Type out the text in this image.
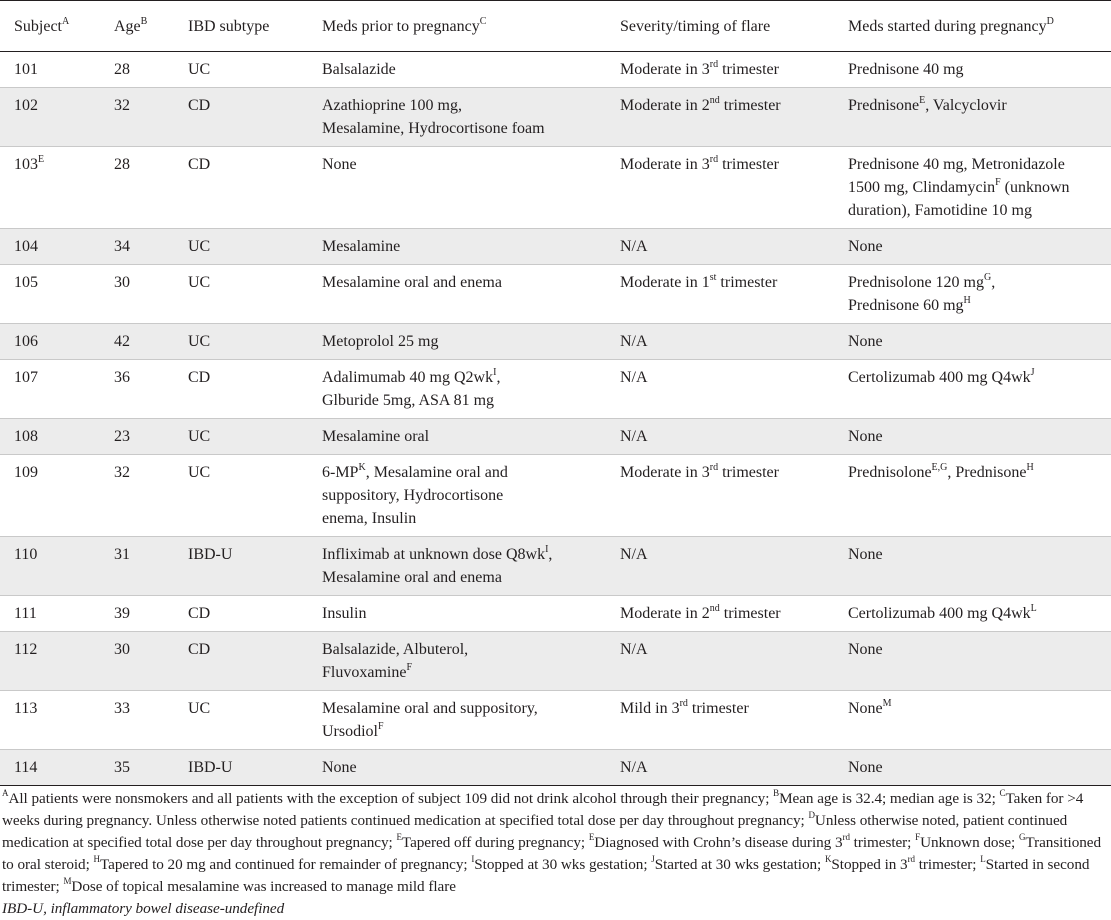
Subject$^A$	Age$^B$	IBD subtype	Meds prior to pregnancy$^C$	Severity/timing of flare	Meds started during pregnancy$^D$
101	28	UC	Balsalazide	Moderate in 3rd trimester	Prednisone 40 mg
102	32	CD	Azathioprine 100 mg,
Mesalamine, Hydrocortisone foam	Moderate in 2nd trimester	Prednisone$^E$, Valcyclovir
$103^E$	28	CD	None	Moderate in 3rd trimester	Prednisone 40 mg, Metronidazole
1500 mg, Clindamycin$^F$ (unknown
duration), Famotidine 10 mg
104	34	UC	Mesalamine	N/A	None
105	30	UC	Mesalamine oral and enema	Moderate in 1st trimester	Prednisolone 120 $mg^G$,
Prednisone 60 $mg^H$
106	42	UC	Metoprolol 25 mg	N/A	None
107	36	CD	Adalimumab 40 mg $Q2wk^I$,
Glburide 5mg, ASA 81 mg	N/A	Certolizumab 400 mg $Q4wk^J$
108	23	UC	Mesalamine oral	N/A	None
109	32	UC	$6-MP^K$, Mesalamine oral and
suppository, Hydrocortisone
enema, Insulin	Moderate in 3rd trimester	Prednisolone$^{E,G}$, Prednisone$^H$
110	31	IBD-U	Infliximab at unknown dose $Q8wk^I$,
Mesalamine oral and enema	N/A	None
111	39	CD	Insulin	Moderate in 2nd trimester	Certolizumab 400 mg $Q4wk^L$
112	30	CD	Balsalazide, Albuterol,
Fluvoxamine$^F$	N/A	None
113	33	UC	Mesalamine oral and suppository,
Ursodiol$^F$	Mild in 3rd trimester	None$^M$
114	35	IBD-U	None	N/A	None
$^A$All patients were nonsmokers and all patients with the exception of subject 109 did not drink alcohol through their pregnancy; $^B$Mean age is 32.4; median age is 32; $^C$Taken for >4 weeks during pregnancy. Unless otherwise noted patients continued medication at specified total dose per day throughout pregnancy; $^D$Unless otherwise noted, patient continued medication at specified total dose per day throughout pregnancy; $^E$Tapered off during pregnancy; $^E$Diagnosed with Crohn’s disease during 3rd trimester; $^F$Unknown dose; $^G$Transitioned to oral steroid; $^H$Tapered to 20 mg and continued for remainder of pregnancy; $^I$Stopped at 30 wks gestation; $^J$Started at 30 wks gestation; $^K$Stopped in 3rd trimester; $^L$Started in second trimester; $^M$Dose of topical mesalamine was increased to manage mild flare
IBD-U, inflammatory bowel disease-undefined
